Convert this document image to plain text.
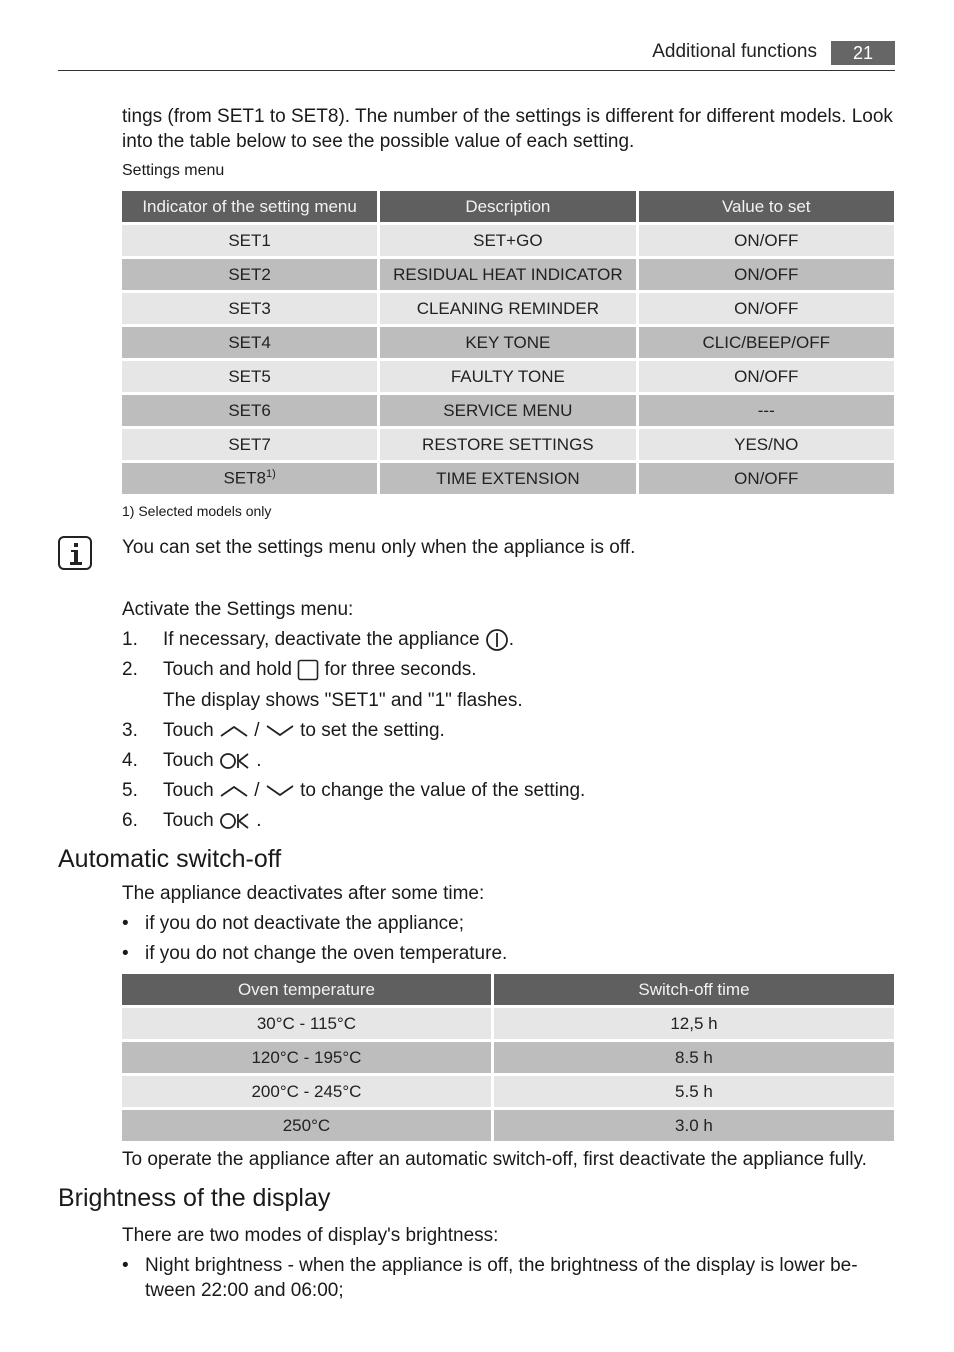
Additional functions	21
tings (from SET1 to SET8). The number of the settings is different for different models. Look
into the table below to see the possible value of each setting.
Settings menu
Indicator of the setting menu	Description	Value to set
SET1	SET+GO	ON/OFF
SET2	RESIDUAL HEAT INDICATOR	ON/OFF
SET3	CLEANING REMINDER	ON/OFF
SET4	KEY TONE	CLIC/BEEP/OFF
SET5	FAULTY TONE	ON/OFF
SET6	SERVICE MENU	---
SET7	RESTORE SETTINGS	YES/NO
SET8$^{1)}$	TIME EXTENSION	ON/OFF
1) Selected models only
You can set the settings menu only when the appliance is off.
Activate the Settings menu:
1. If necessary, deactivate the appliance .
2. Touch and hold for three seconds.
The display shows "SET1" and "1" flashes.
3. Touch / to set the setting.
4. Touch .
5. Touch / to change the value of the setting.
6. Touch .
Automatic switch-off
The appliance deactivates after some time:
• if you do not deactivate the appliance;
• if you do not change the oven temperature.
Oven temperature	Switch-off time
30°C - 115°C	12,5 h
120°C - 195°C	8.5 h
200°C - 245°C	5.5 h
250°C	3.0 h
To operate the appliance after an automatic switch-off, first deactivate the appliance fully.
Brightness of the display
There are two modes of display's brightness:
• Night brightness - when the appliance is off, the brightness of the display is lower be-
tween 22:00 and 06:00;
